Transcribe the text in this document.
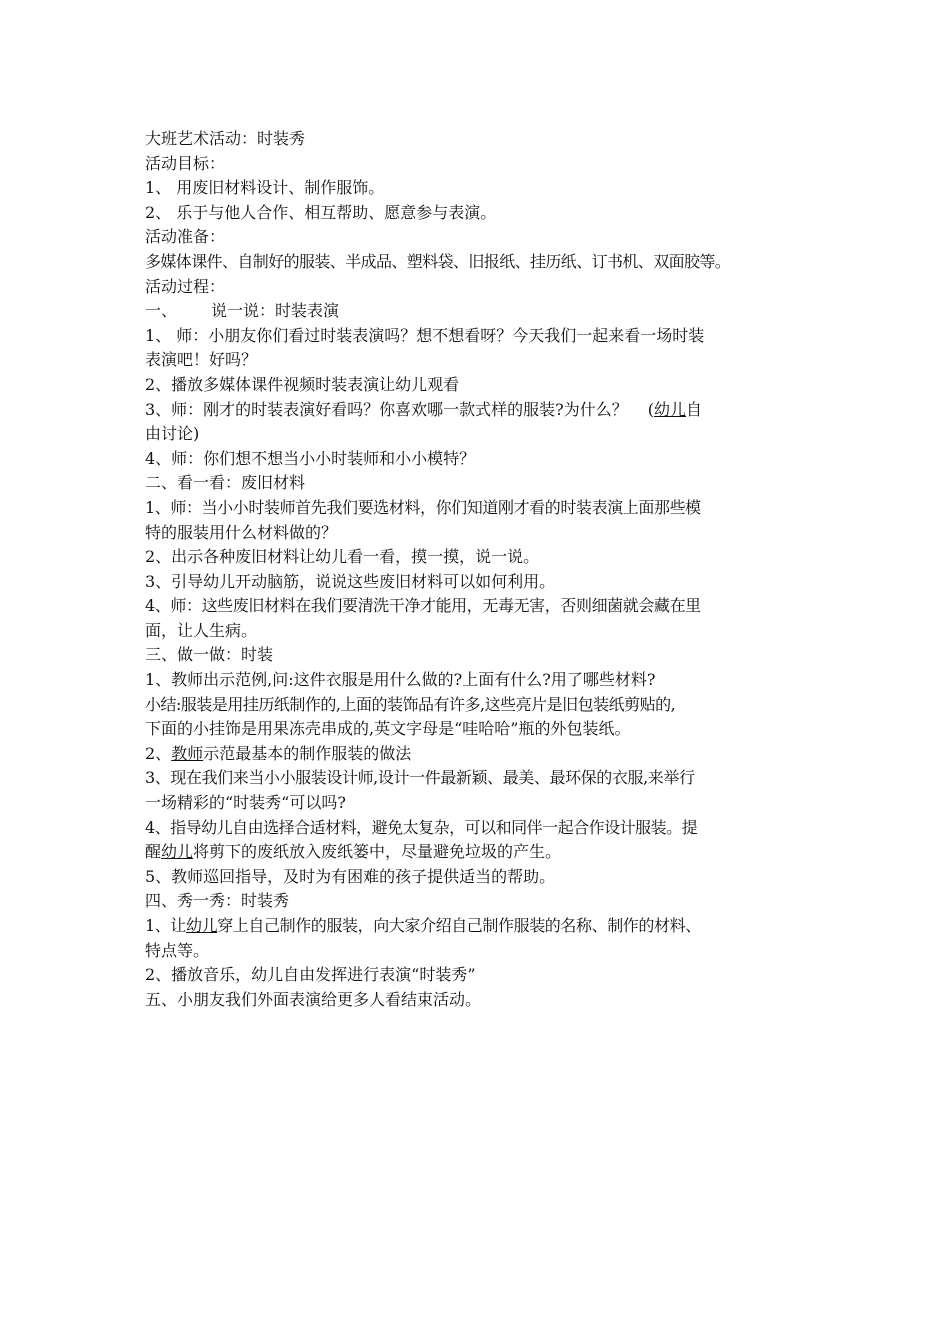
大班艺术活动：时装秀
活动目标：
1、 用废旧材料设计、制作服饰。
2、 乐于与他人合作、相互帮助、愿意参与表演。
活动准备：
多媒体课件、自制好的服装、半成品、塑料袋、旧报纸、挂历纸、订书机、双面胶等。
活动过程：
一、 说一说：时装表演
1、 师：小朋友你们看过时装表演吗？想不想看呀？今天我们一起来看一场时装
表演吧！好吗？
2、播放多媒体课件视频时装表演让幼儿观看
3、师：刚才的时装表演好看吗？你喜欢哪一款式样的服装?为什么？ (幼儿自
由讨论)
4、师：你们想不想当小小时装师和小小模特？
二、看一看：废旧材料
1、师：当小小时装师首先我们要选材料，你们知道刚才看的时装表演上面那些模
特的服装用什么材料做的？
2、出示各种废旧材料让幼儿看一看，摸一摸，说一说。
3、引导幼儿开动脑筋，说说这些废旧材料可以如何利用。
4、师：这些废旧材料在我们要清洗干净才能用，无毒无害，否则细菌就会藏在里
面，让人生病。
三、做一做：时装
1、教师出示范例,问:这件衣服是用什么做的?上面有什么?用了哪些材料?
小结:服装是用挂历纸制作的,上面的装饰品有许多,这些亮片是旧包装纸剪贴的,
下面的小挂饰是用果冻壳串成的,英文字母是“哇哈哈”瓶的外包装纸。
2、教师示范最基本的制作服装的做法
3、现在我们来当小小服装设计师,设计一件最新颖、最美、最环保的衣服,来举行
一场精彩的“时装秀“可以吗?
4、指导幼儿自由选择合适材料，避免太复杂，可以和同伴一起合作设计服装。提
醒幼儿将剪下的废纸放入废纸篓中，尽量避免垃圾的产生。
5、教师巡回指导，及时为有困难的孩子提供适当的帮助。
四、秀一秀：时装秀
1、让幼儿穿上自己制作的服装，向大家介绍自己制作服装的名称、制作的材料、
特点等。
2、播放音乐，幼儿自由发挥进行表演“时装秀”
五、小朋友我们外面表演给更多人看结束活动。
